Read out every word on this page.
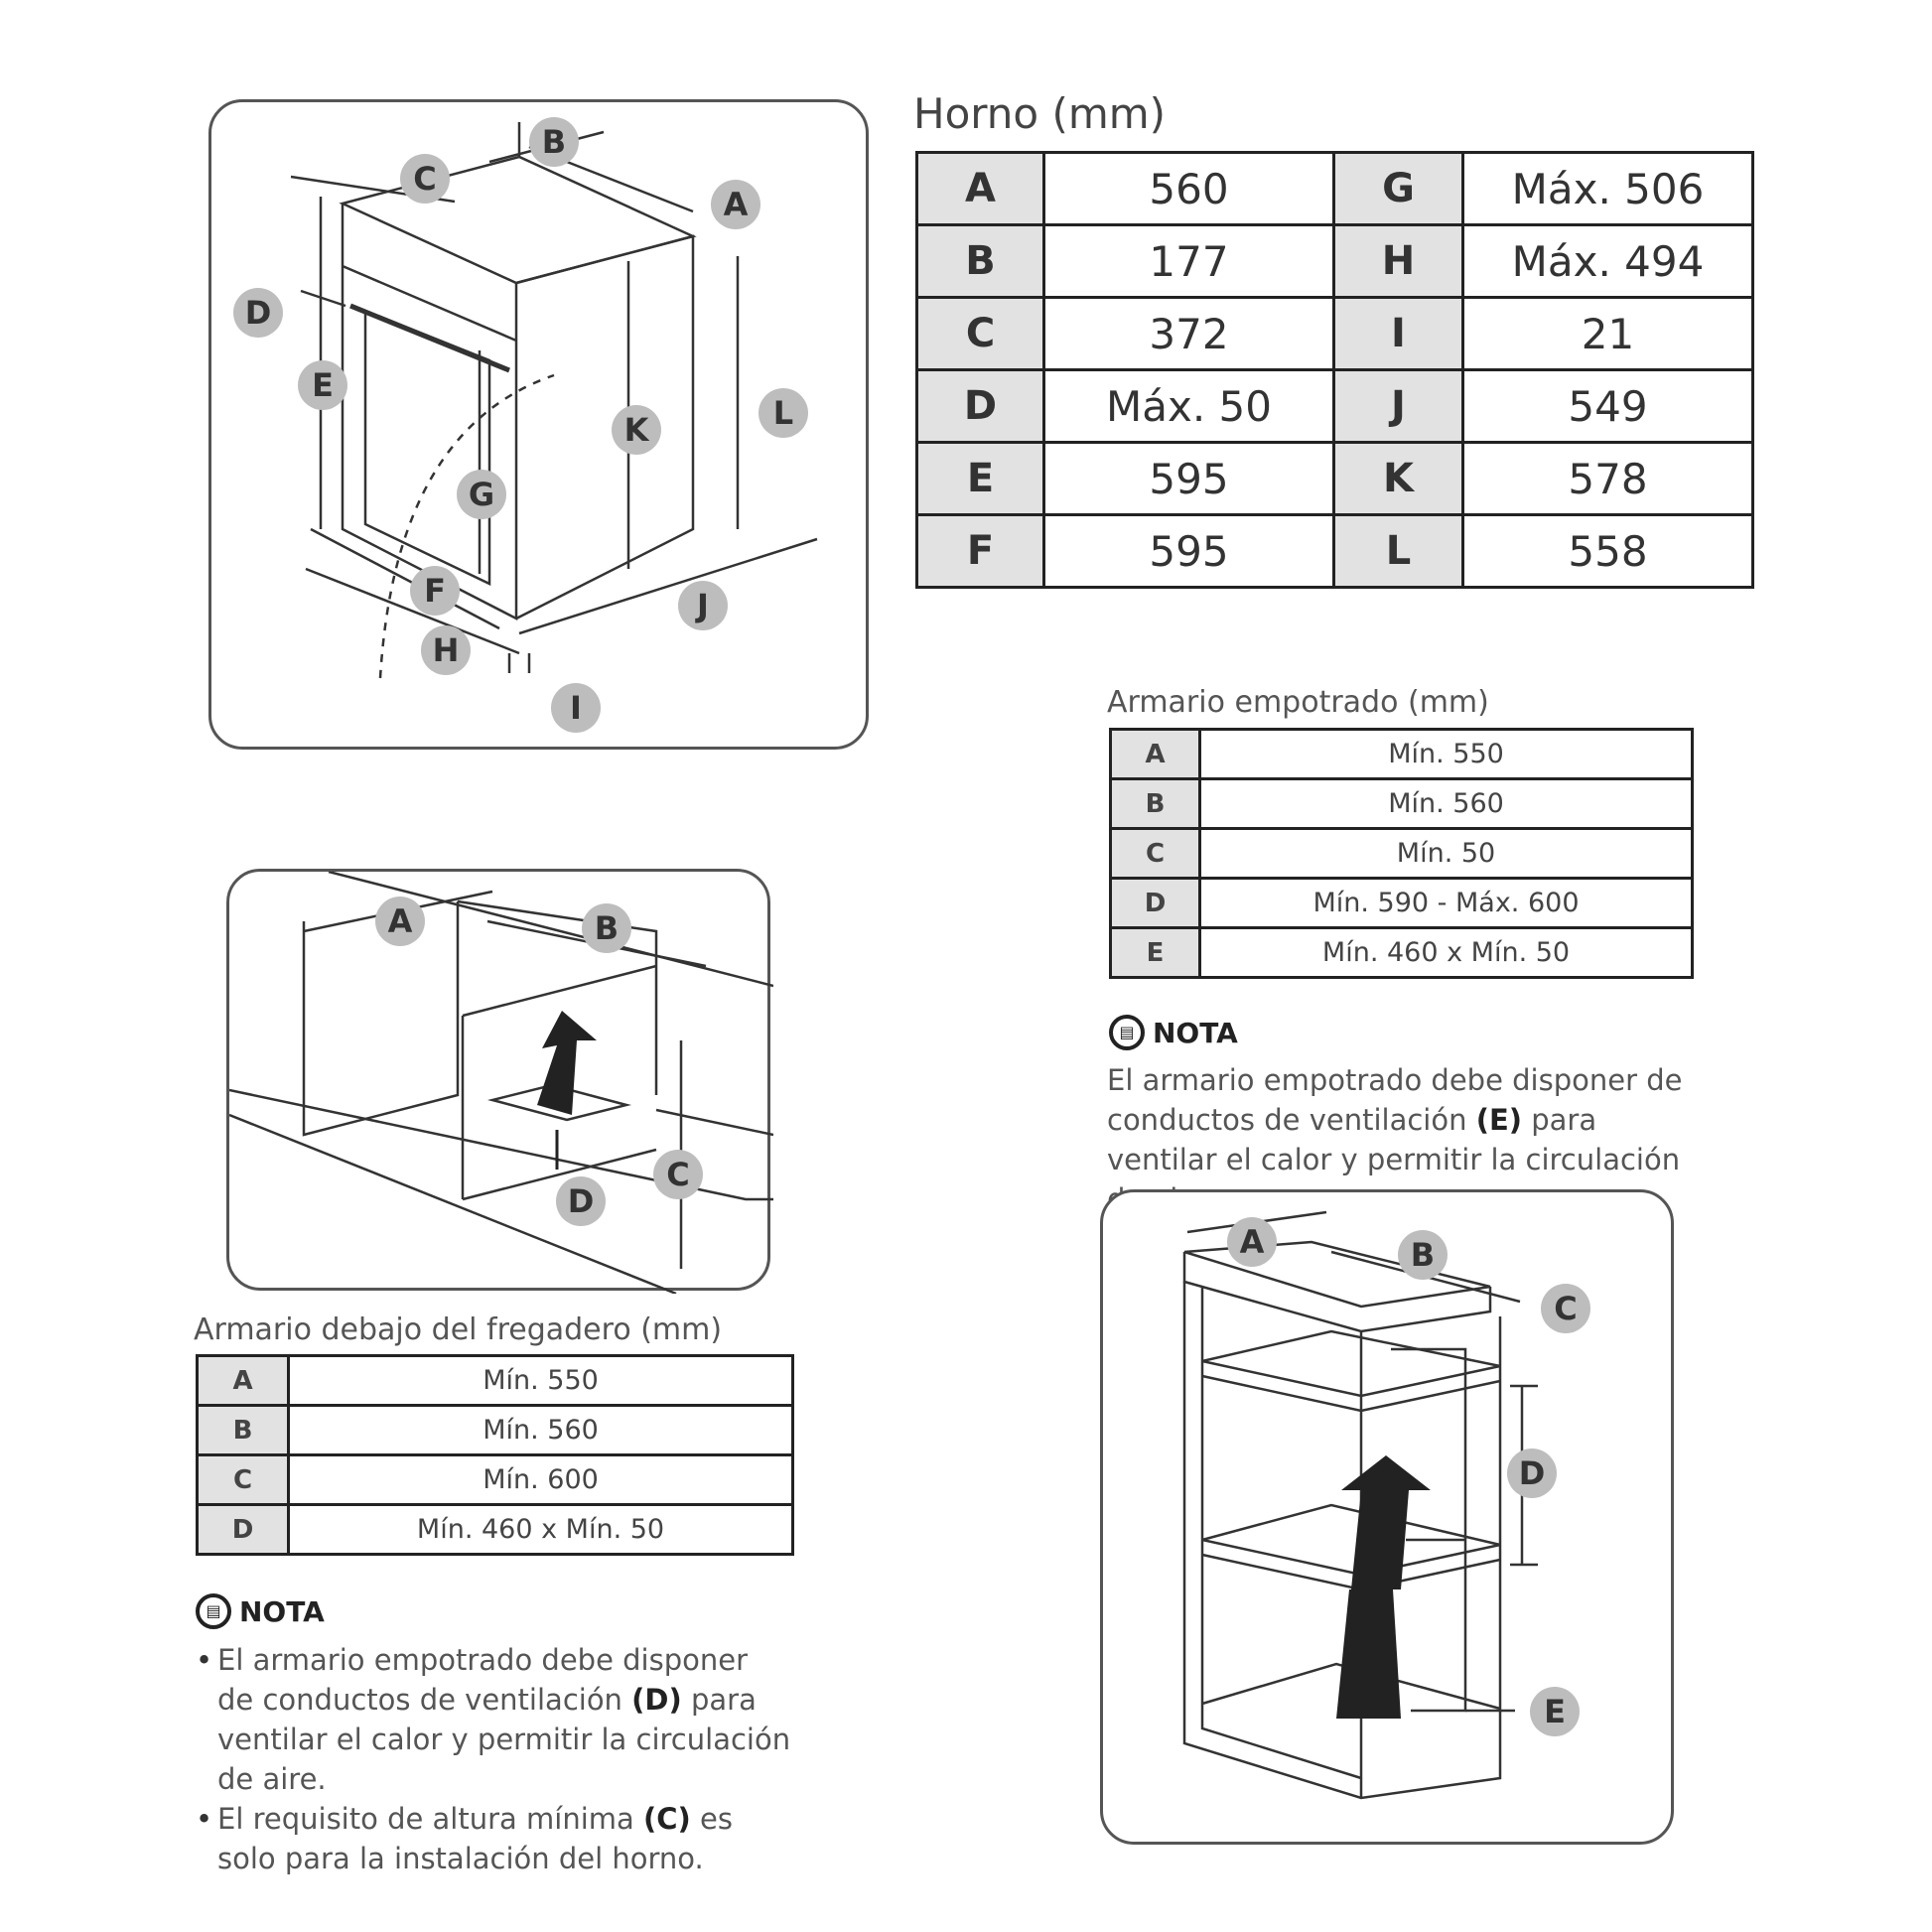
C
B
A
D
E
K	L
G
F	J
H
I
Horno (mm)
A	560	G	Máx. 506
B	177	H	Máx. 494
C	372	I	21
D	Máx. 50	J	549
E	595	K	578
F	595	L	558
Armario empotrado (mm)
A	Mín. 550
B	Mín. 560
C	Mín. 50
D	Mín. 590 - Máx. 600
E	Mín. 460 x Mín. 50
▤ NOTA
El armario empotrado debe disponer de conductos de ventilación (E) para ventilar el calor y permitir la circulación
A	B
C
D
Armario debajo del fregadero (mm)
A	Mín. 550
B	Mín. 560
C	Mín. 600
D	Mín. 460 x Mín. 50
▤ NOTA
• El armario empotrado debe disponer de conductos de ventilación (D) para ventilar el calor y permitir la circulación de aire.
• El requisito de altura mínima (C) es solo para la instalación del horno.
A	B
C
D
E
